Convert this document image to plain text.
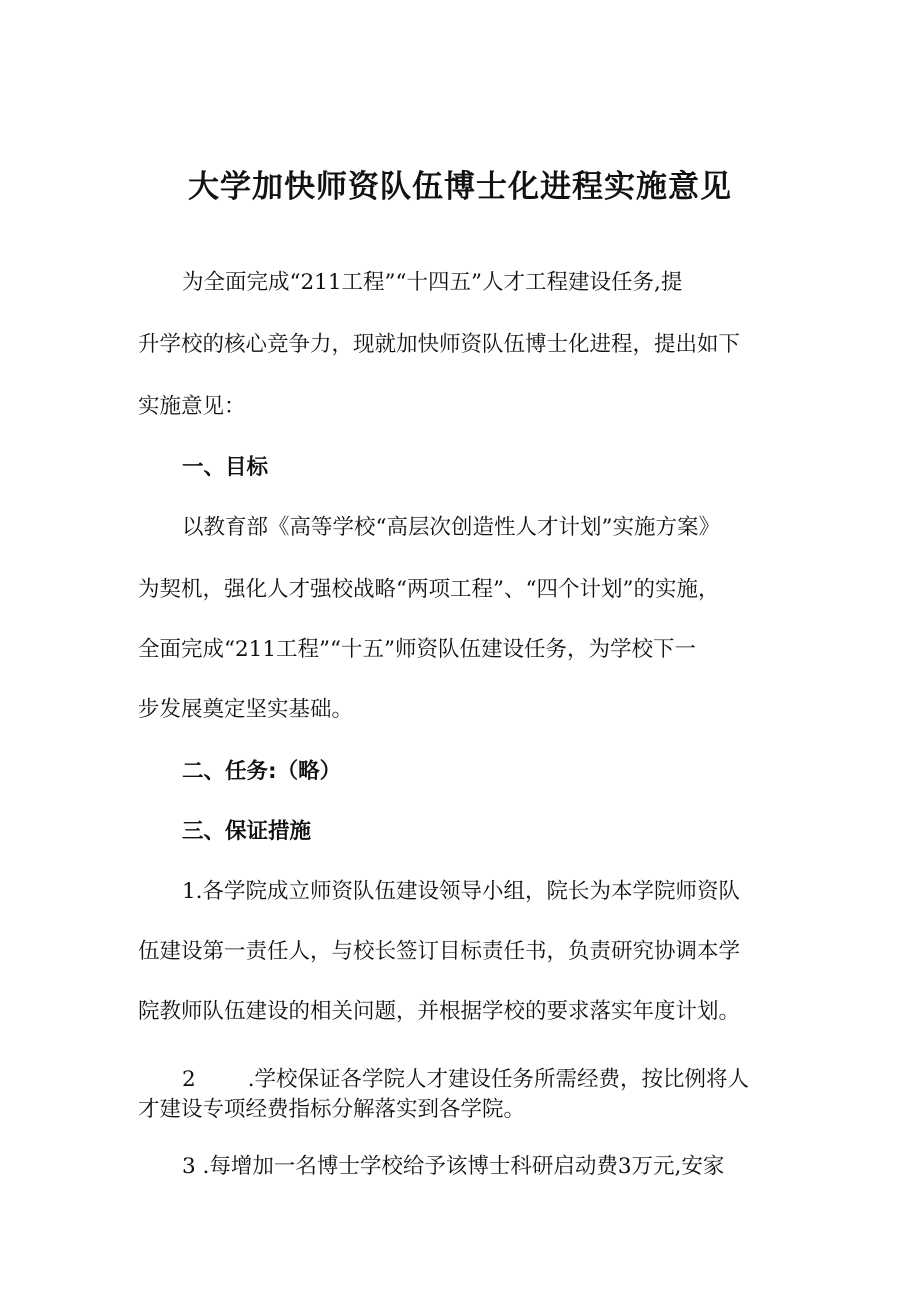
大学加快师资队伍博士化进程实施意见

为全面完成“211工程”“十四五”人才工程建设任务,提

升学校的核心竞争力，现就加快师资队伍博士化进程，提出如下

实施意见：

一、目标

以教育部《高等学校“高层次创造性人才计划”实施方案》

为契机，强化人才强校战略“两项工程”、“四个计划”的实施，

全面完成“211工程”“十五”师资队伍建设任务，为学校下一

步发展奠定坚实基础。

二、任务:（略）
三、保证措施

1.各学院成立师资队伍建设领导小组，院长为本学院师资队

伍建设第一责任人，与校长签订目标责任书，负责研究协调本学

院教师队伍建设的相关问题，并根据学校的要求落实年度计划。

2 .学校保证各学院人才建设任务所需经费，按比例将人

才建设专项经费指标分解落实到各学院。

3 .每增加一名博士学校给予该博士科研启动费3万元,安家
